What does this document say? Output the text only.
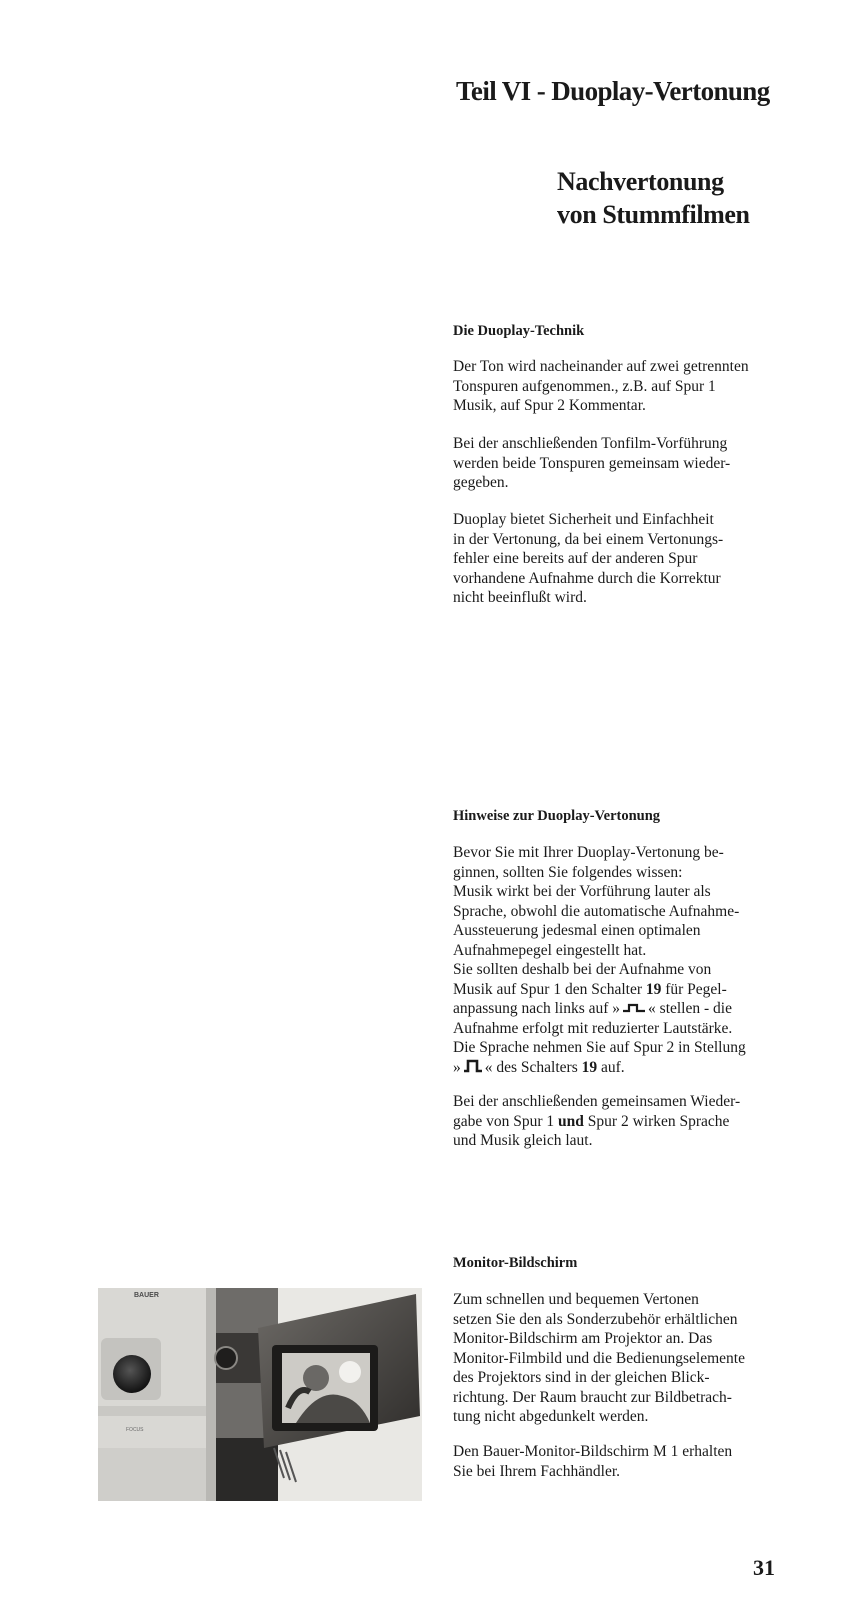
Teil VI - Duoplay-Vertonung
Nachvertonung
von Stummfilmen
Die Duoplay-Technik
Der Ton wird nacheinander auf zwei getrennten
Tonspuren aufgenommen., z.B. auf Spur 1
Musik, auf Spur 2 Kommentar.
Bei der anschließenden Tonfilm-Vorführung
werden beide Tonspuren gemeinsam wieder-
gegeben.
Duoplay bietet Sicherheit und Einfachheit
in der Vertonung, da bei einem Vertonungs-
fehler eine bereits auf der anderen Spur
vorhandene Aufnahme durch die Korrektur
nicht beeinflußt wird.
Hinweise zur Duoplay-Vertonung
Bevor Sie mit Ihrer Duoplay-Vertonung be-
ginnen, sollten Sie folgendes wissen:
Musik wirkt bei der Vorführung lauter als
Sprache, obwohl die automatische Aufnahme-
Aussteuerung jedesmal einen optimalen
Aufnahmepegel eingestellt hat.
Sie sollten deshalb bei der Aufnahme von
Musik auf Spur 1 den Schalter 19 für Pegel-
anpassung nach links auf » « stellen - die
Aufnahme erfolgt mit reduzierter Lautstärke.
Die Sprache nehmen Sie auf Spur 2 in Stellung
» « des Schalters 19 auf.
Bei der anschließenden gemeinsamen Wieder-
gabe von Spur 1 und Spur 2 wirken Sprache
und Musik gleich laut.
Monitor-Bildschirm
Zum schnellen und bequemen Vertonen
setzen Sie den als Sonderzubehör erhältlichen
Monitor-Bildschirm am Projektor an. Das
Monitor-Filmbild und die Bedienungselemente
des Projektors sind in der gleichen Blick-
richtung. Der Raum braucht zur Bildbetrach-
tung nicht abgedunkelt werden.
Den Bauer-Monitor-Bildschirm M 1 erhalten
Sie bei Ihrem Fachhändler.
BAUER
FOCUS

31
